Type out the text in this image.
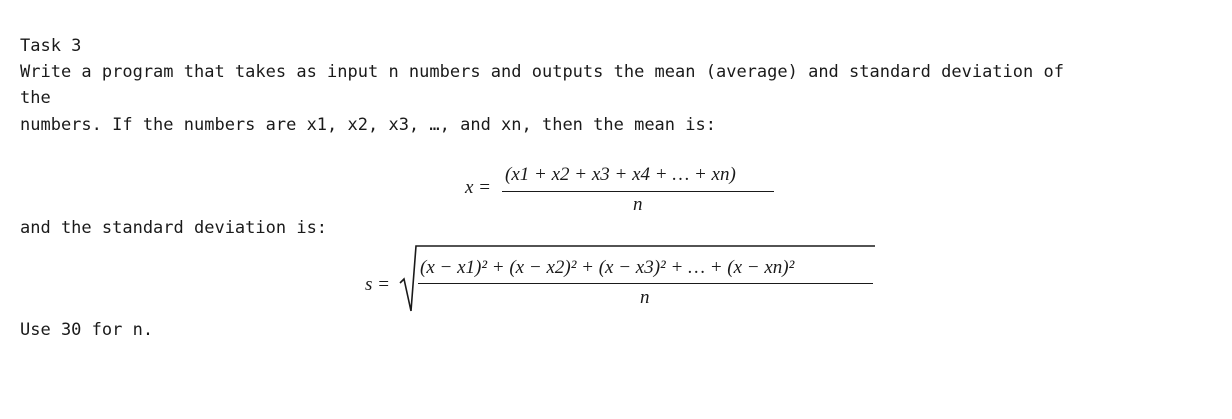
Task 3
Write a program that takes as input n numbers and outputs the mean (average) and standard deviation of
the
numbers. If the numbers are x1, x2, x3, …, and xn, then the mean is:
x =
(x1 + x2 + x3 + x4 + … + xn)
n
and the standard deviation is:
s =
(x − x1)² + (x − x2)² + (x − x3)² + … + (x − xn)²
n
Use 30 for n.
